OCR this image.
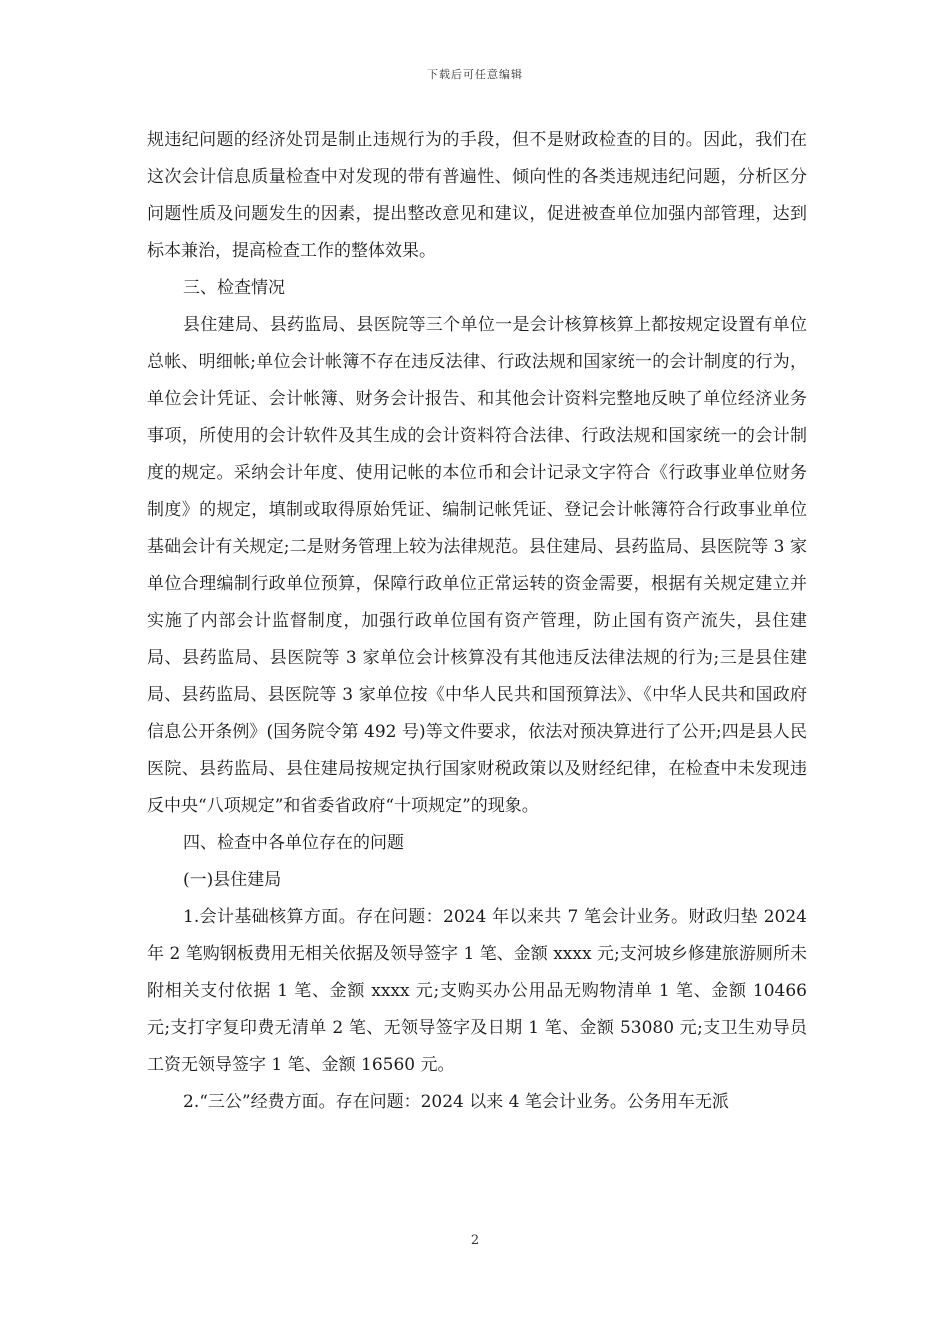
下载后可任意编辑

规违纪问题的经济处罚是制止违规行为的手段，但不是财政检查的目的。因此，我们在这次会计信息质量检查中对发现的带有普遍性、倾向性的各类违规违纪问题，分析区分问题性质及问题发生的因素，提出整改意见和建议，促进被查单位加强内部管理，达到标本兼治，提高检查工作的整体效果。

三、检查情况

县住建局、县药监局、县医院等三个单位一是会计核算核算上都按规定设置有单位总帐、明细帐;单位会计帐簿不存在违反法律、行政法规和国家统一的会计制度的行为，单位会计凭证、会计帐簿、财务会计报告、和其他会计资料完整地反映了单位经济业务事项，所使用的会计软件及其生成的会计资料符合法律、行政法规和国家统一的会计制度的规定。采纳会计年度、使用记帐的本位币和会计记录文字符合《行政事业单位财务制度》的规定，填制或取得原始凭证、编制记帐凭证、登记会计帐簿符合行政事业单位基础会计有关规定;二是财务管理上较为法律规范。县住建局、县药监局、县医院等 3 家单位合理编制行政单位预算，保障行政单位正常运转的资金需要，根据有关规定建立并实施了内部会计监督制度，加强行政单位国有资产管理，防止国有资产流失，县住建局、县药监局、县医院等 3 家单位会计核算没有其他违反法律法规的行为;三是县住建局、县药监局、县医院等 3 家单位按《中华人民共和国预算法》、《中华人民共和国政府信息公开条例》(国务院令第 492 号)等文件要求，依法对预决算进行了公开;四是县人民医院、县药监局、县住建局按规定执行国家财税政策以及财经纪律，在检查中未发现违反中央“八项规定”和省委省政府“十项规定”的现象。

四、检查中各单位存在的问题

(一)县住建局

1.会计基础核算方面。存在问题：2024 年以来共 7 笔会计业务。财政归垫 2024 年 2 笔购钢板费用无相关依据及领导签字 1 笔、金额 xxxx 元;支河坡乡修建旅游厕所未附相关支付依据 1 笔、金额 xxxx 元;支购买办公用品无购物清单 1 笔、金额 10466 元;支打字复印费无清单 2 笔、无领导签字及日期 1 笔、金额 53080 元;支卫生劝导员工资无领导签字 1 笔、金额 16560 元。

2.“三公”经费方面。存在问题：2024 以来 4 笔会计业务。公务用车无派

2
